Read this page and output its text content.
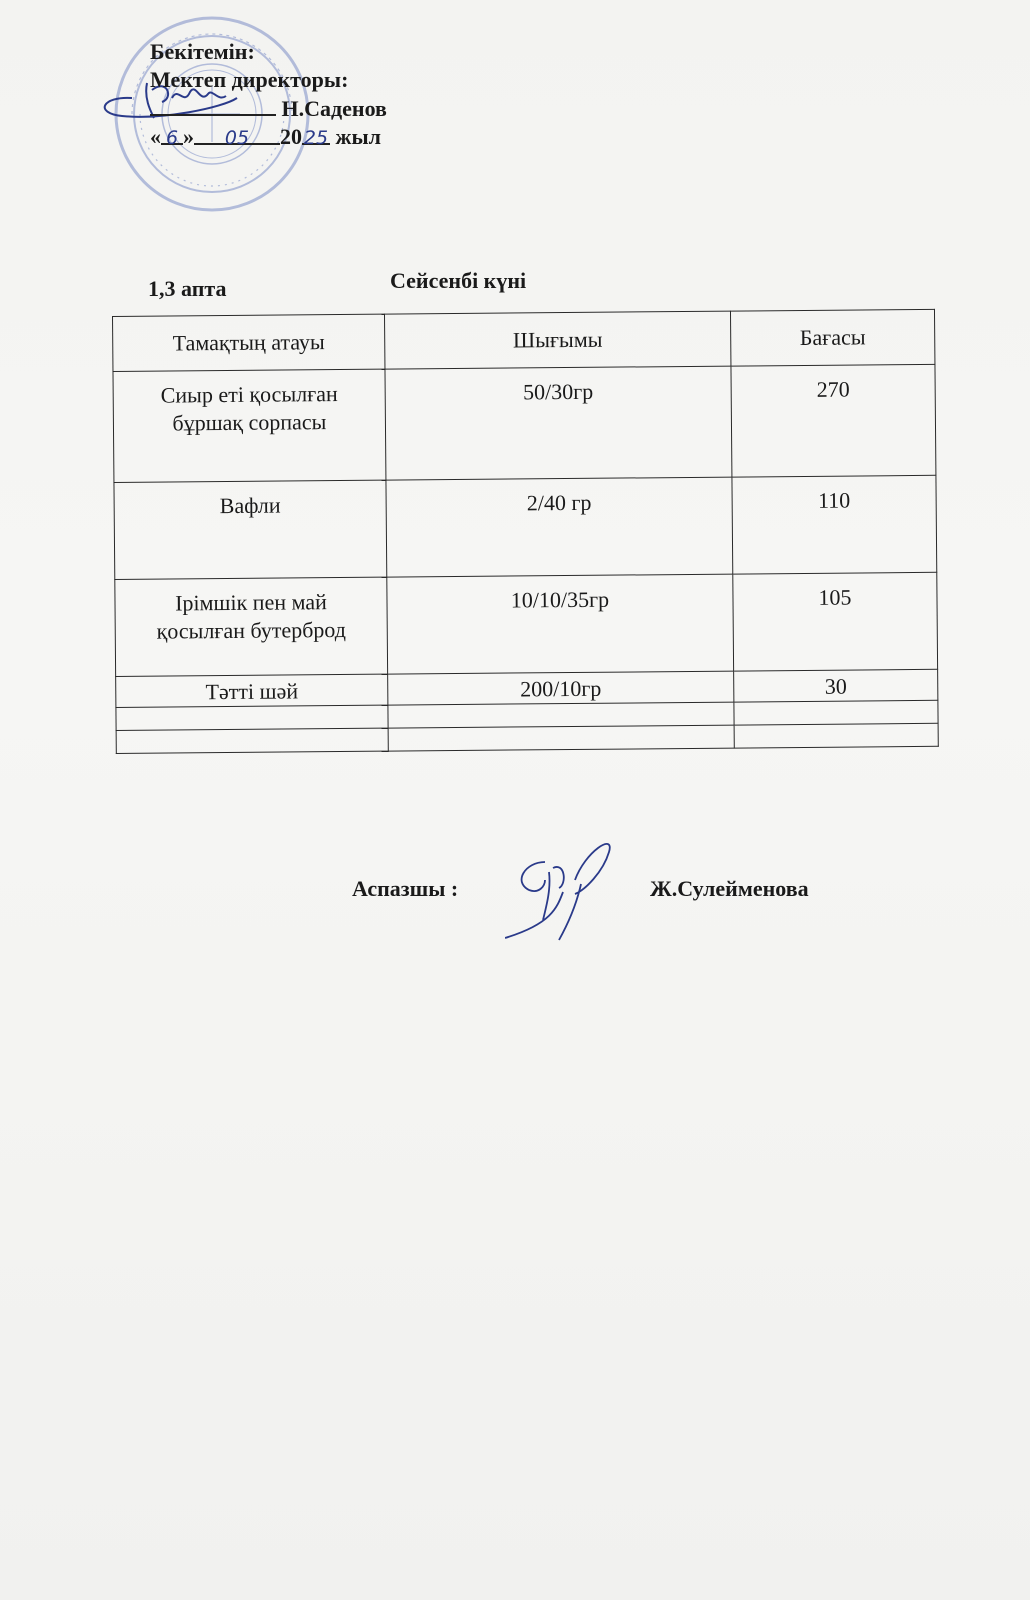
Бекітемін:
Мектеп директоры:
Н.Саденов
« 6 » 05 20 25 жыл
1,3 апта	Сейсенбі күні
Тамақтың атауы	Шығымы	Бағасы

Сиыр еті қосылған
бұршақ сорпасы	50/30гр	270

Вафли	2/40 гр	110

Ірімшік пен май
қосылған бутерброд	10/10/35гр	105

Тәтті шәй	200/10гр	30

Аспазшы :	Ж.Сулейменова
